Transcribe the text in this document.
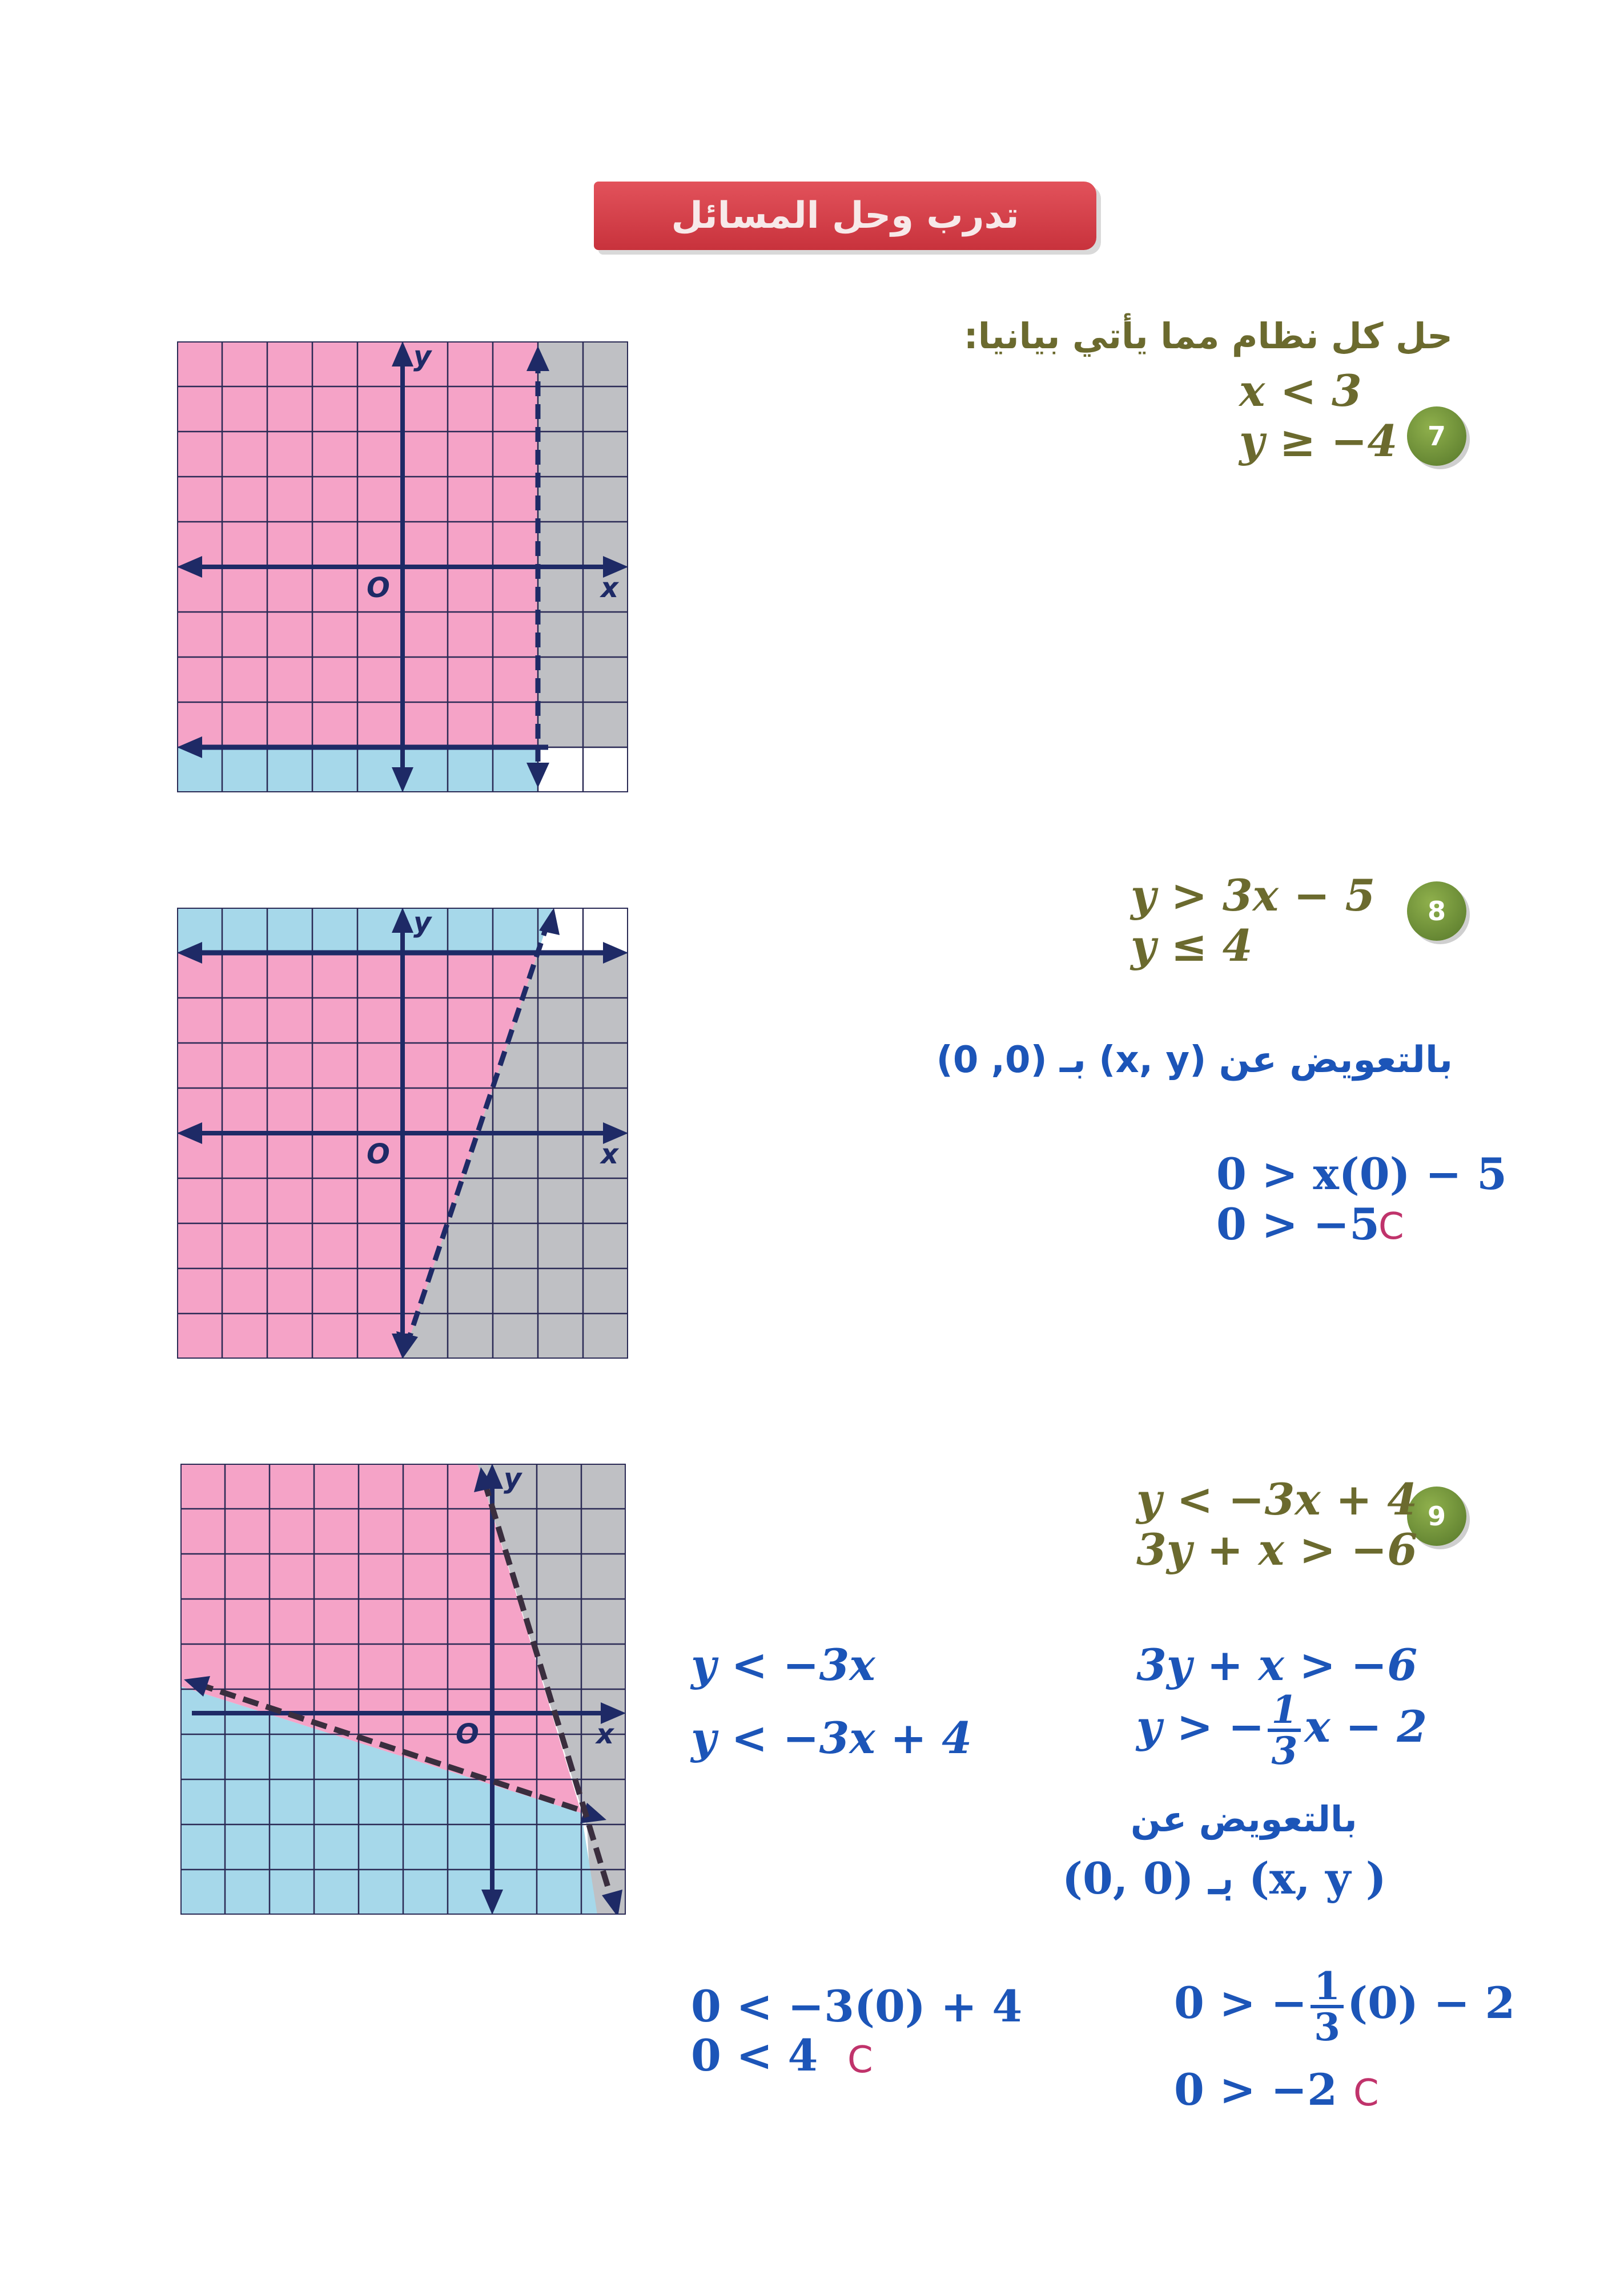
تدرب وحل المسائل
حل كل نظام مما يأتي بيانيا:
7
x < 3
y ≥ −4
y
x
O
8
y > 3x − 5
y ≤ 4
بالتعويض عن (x, y) بـ (0, 0)
0 > x(0) − 5
0 > −5
C
y
x
O
9
y < −3x + 4
3y + x > −6
3y + x > −6
y > − $\frac{1}{3}$ x − 2
بالتعويض عن
(0, 0) بـ (x, y )
y < −3x
y < −3x + 4
0 < −3(0) + 4
0 < 4 C
0 > − $\frac{1}{3} (0) - 2$
0 > −2 C
y
x
O
